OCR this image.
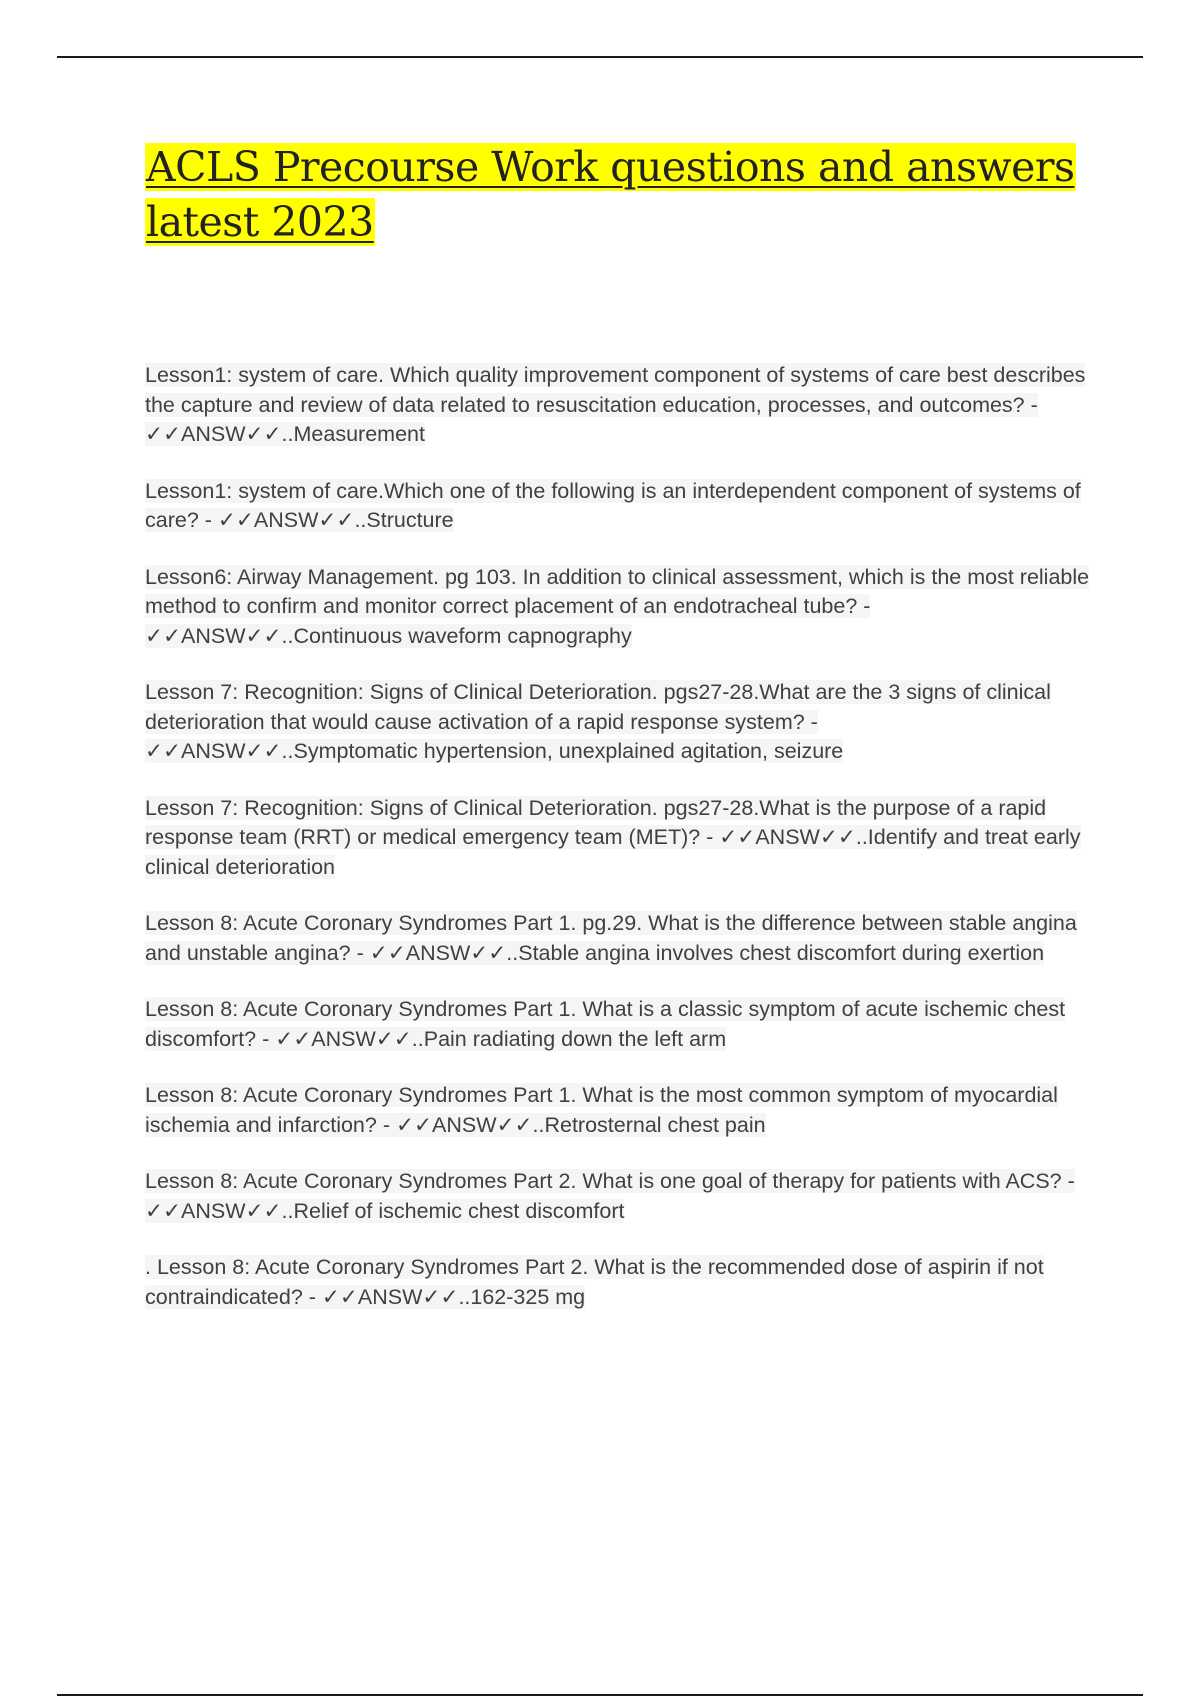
ACLS Precourse Work questions and answers latest 2023

Lesson1: system of care. Which quality improvement component of systems of care best describes the capture and review of data related to resuscitation education, processes, and outcomes? - ✓✓ANSW✓✓..Measurement

Lesson1: system of care.Which one of the following is an interdependent component of systems of care? - ✓✓ANSW✓✓..Structure

Lesson6: Airway Management. pg 103. In addition to clinical assessment, which is the most reliable method to confirm and monitor correct placement of an endotracheal tube? - ✓✓ANSW✓✓..Continuous waveform capnography

Lesson 7: Recognition: Signs of Clinical Deterioration. pgs27-28.What are the 3 signs of clinical deterioration that would cause activation of a rapid response system? - ✓✓ANSW✓✓..Symptomatic hypertension, unexplained agitation, seizure

Lesson 7: Recognition: Signs of Clinical Deterioration. pgs27-28.What is the purpose of a rapid response team (RRT) or medical emergency team (MET)? - ✓✓ANSW✓✓..Identify and treat early clinical deterioration

Lesson 8: Acute Coronary Syndromes Part 1. pg.29. What is the difference between stable angina and unstable angina? - ✓✓ANSW✓✓..Stable angina involves chest discomfort during exertion

Lesson 8: Acute Coronary Syndromes Part 1. What is a classic symptom of acute ischemic chest discomfort? - ✓✓ANSW✓✓..Pain radiating down the left arm

Lesson 8: Acute Coronary Syndromes Part 1. What is the most common symptom of myocardial ischemia and infarction? - ✓✓ANSW✓✓..Retrosternal chest pain

Lesson 8: Acute Coronary Syndromes Part 2. What is one goal of therapy for patients with ACS? - ✓✓ANSW✓✓..Relief of ischemic chest discomfort

. Lesson 8: Acute Coronary Syndromes Part 2. What is the recommended dose of aspirin if not contraindicated? - ✓✓ANSW✓✓..162-325 mg
